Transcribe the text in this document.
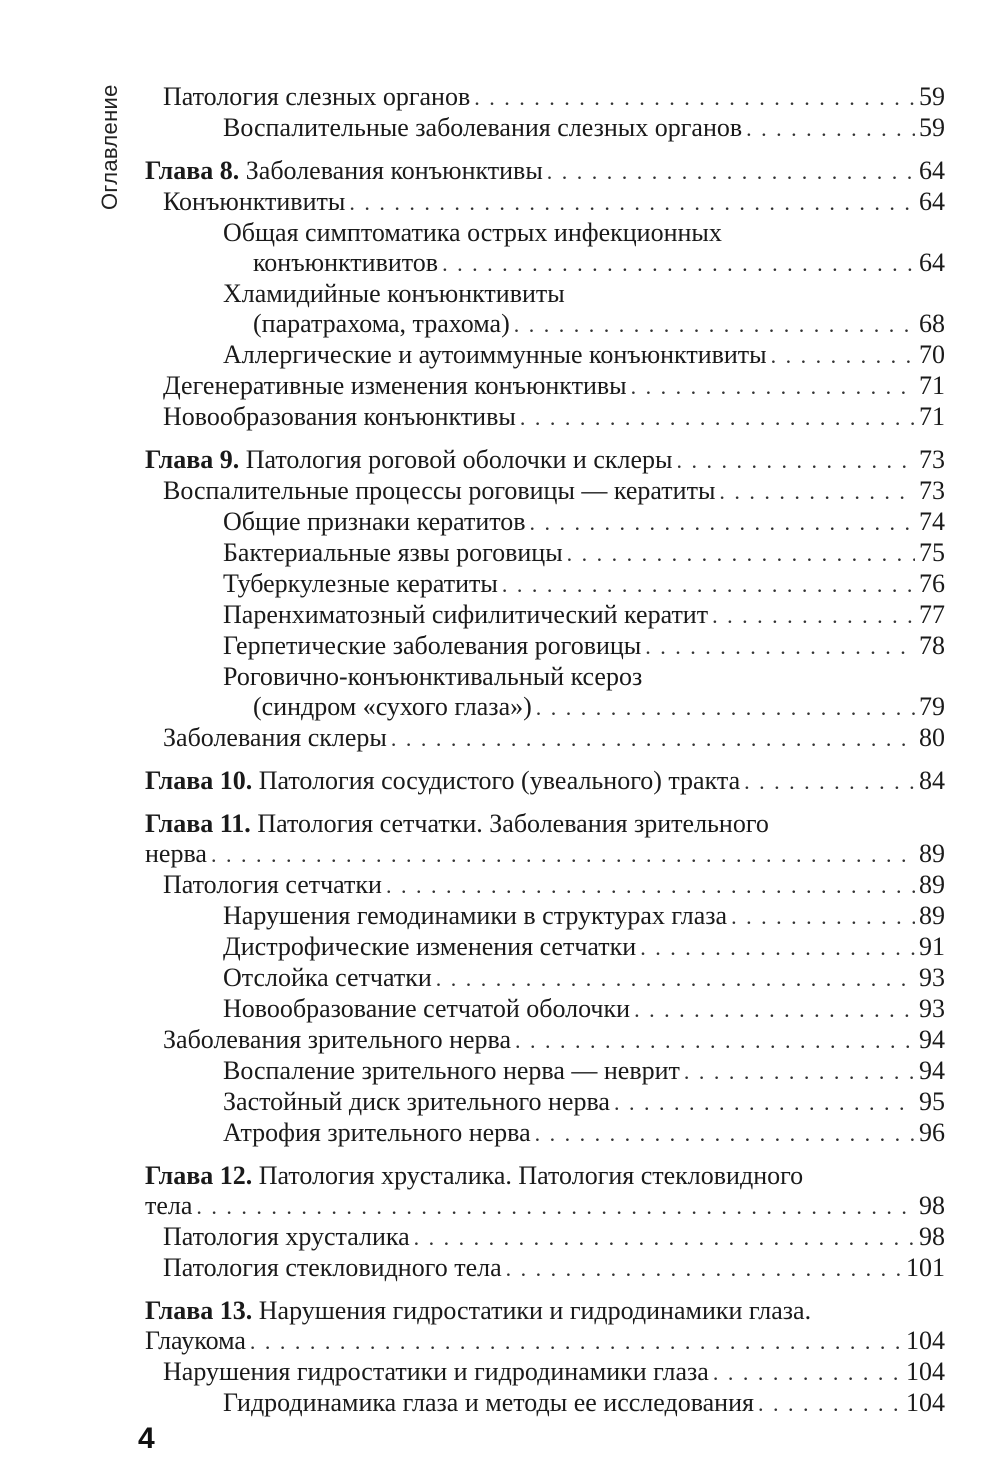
Оглавление Патология слезных органов . . .	59
Воспалительные заболевания слезных органов . . .	59
Глава 8. Заболевания конъюнктивы . . .	64
Конъюнктивиты . . .	64
Общая симптоматика острых инфекционных
конъюнктивитов . . .	64
Хламидийные конъюнктивиты
(паратрахома, трахома) . . .	68
Аллергические и аутоиммунные конъюнктивиты . . .	70
Дегенеративные изменения конъюнктивы . . .	71
Новообразования конъюнктивы . . .	71
Глава 9. Патология роговой оболочки и склеры . . .	73
Воспалительные процессы роговицы — кератиты . . .	73
Общие признаки кератитов . . .	74
Бактериальные язвы роговицы . . .	75
Туберкулезные кератиты . . .	76
Паренхиматозный сифилитический кератит . . .	77
Герпетические заболевания роговицы . . .	78
Роговично-конъюнктивальный ксероз
(синдром «сухого глаза») . . .	79
Заболевания склеры . . .	80
Глава 10. Патология сосудистого (увеального) тракта . . .	84
Глава 11. Патология сетчатки. Заболевания зрительного
нерва . . .	89
Патология сетчатки . . .	89
Нарушения гемодинамики в структурах глаза . . .	89
Дистрофические изменения сетчатки . . .	91
Отслойка сетчатки . . .	93
Новообразование сетчатой оболочки . . .	93
Заболевания зрительного нерва . . .	94
Воспаление зрительного нерва — неврит . . .	94
Застойный диск зрительного нерва . . .	95
Атрофия зрительного нерва . . .	96
Глава 12. Патология хрусталика. Патология стекловидного
тела . . .	98
Патология хрусталика . . .	98
Патология стекловидного тела . . .	101
Глава 13. Нарушения гидростатики и гидродинамики глаза.
Глаукома . . .	104
Нарушения гидростатики и гидродинамики глаза . . .	104
Гидродинамика глаза и методы ее исследования . . .	104
4
